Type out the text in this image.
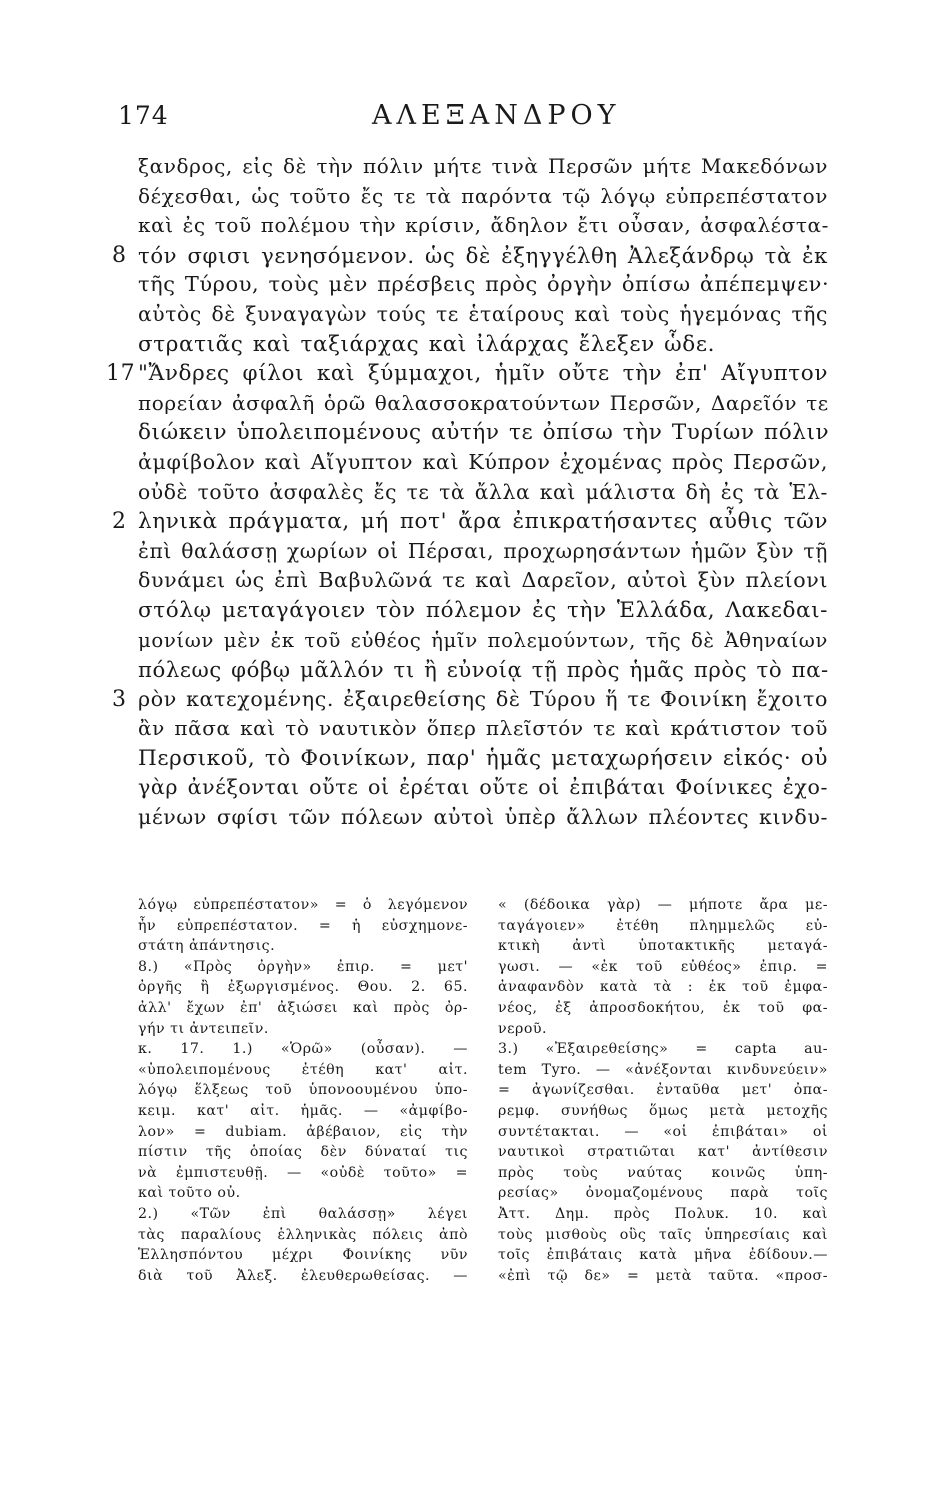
174	ΑΛΕΞΑΝΔΡΟΥ
ξανδρος, εἰς δὲ τὴν πόλιν μήτε τινὰ Περσῶν μήτε Μακεδόνων
δέχεσθαι, ὡς τοῦτο ἔς τε τὰ παρόντα τῷ λόγῳ εὐπρεπέστατον
καὶ ἐς τοῦ πολέμου τὴν κρίσιν, ἄδηλον ἔτι οὖσαν, ἀσφαλέστα-
8 τόν σφισι γενησόμενον. ὡς δὲ ἐξηγγέλθη Ἀλεξάνδρῳ τὰ ἐκ
τῆς Τύρου, τοὺς μὲν πρέσβεις πρὸς ὀργὴν ὀπίσω ἀπέπεμψεν·
αὐτὸς δὲ ξυναγαγὼν τούς τε ἑταίρους καὶ τοὺς ἡγεμόνας τῆς
στρατιᾶς καὶ ταξιάρχας καὶ ἰλάρχας ἔλεξεν ὧδε.
17 "Ἄνδρες φίλοι καὶ ξύμμαχοι, ἡμῖν οὔτε τὴν ἐπ' Αἴγυπτον
πορείαν ἀσφαλῆ ὁρῶ θαλασσοκρατούντων Περσῶν, Δαρεῖόν τε
διώκειν ὑπολειπομένους αὐτήν τε ὀπίσω τὴν Τυρίων πόλιν
ἀμφίβολον καὶ Αἴγυπτον καὶ Κύπρον ἐχομένας πρὸς Περσῶν,
οὐδὲ τοῦτο ἀσφαλὲς ἔς τε τὰ ἄλλα καὶ μάλιστα δὴ ἐς τὰ Ἑλ-
2 ληνικὰ πράγματα, μή ποτ' ἄρα ἐπικρατήσαντες αὖθις τῶν
ἐπὶ θαλάσσῃ χωρίων οἱ Πέρσαι, προχωρησάντων ἡμῶν ξὺν τῇ
δυνάμει ὡς ἐπὶ Βαβυλῶνά τε καὶ Δαρεῖον, αὐτοὶ ξὺν πλείονι
στόλῳ μεταγάγοιεν τὸν πόλεμον ἐς τὴν Ἑλλάδα, Λακεδαι-
μονίων μὲν ἐκ τοῦ εὐθέος ἡμῖν πολεμούντων, τῆς δὲ Ἀθηναίων
πόλεως φόβῳ μᾶλλόν τι ἢ εὐνοίᾳ τῇ πρὸς ἡμᾶς πρὸς τὸ πα-
3 ρὸν κατεχομένης. ἐξαιρεθείσης δὲ Τύρου ἥ τε Φοινίκη ἔχοιτο
ἂν πᾶσα καὶ τὸ ναυτικὸν ὅπερ πλεῖστόν τε καὶ κράτιστον τοῦ
Περσικοῦ, τὸ Φοινίκων, παρ' ἡμᾶς μεταχωρήσειν εἰκός· οὐ
γὰρ ἀνέξονται οὔτε οἱ ἐρέται οὔτε οἱ ἐπιβάται Φοίνικες ἐχο-
μένων σφίσι τῶν πόλεων αὐτοὶ ὑπὲρ ἄλλων πλέοντες κινδυ-
λόγῳ εὐπρεπέστατον» = ὁ λεγόμενον
ἦν εὐπρεπέστατον. = ἡ εὐσχημονε-
στάτη ἀπάντησις.
8.) «Πρὸς ὀργὴν» ἐπιρ. = μετ'
ὀργῆς ἢ ἐξωργισμένος. Θου. 2. 65.
ἀλλ' ἔχων ἐπ' ἀξιώσει καὶ πρὸς ὀρ-
γήν τι ἀντειπεῖν.
κ. 17. 1.) «Ὁρῶ» (οὖσαν). —
«ὑπολειπομένους ἐτέθη κατ' αἰτ.
λόγῳ ἕλξεως τοῦ ὑπονοουμένου ὑπο-
κειμ. κατ' αἰτ. ἡμᾶς. — «ἀμφίβο-
λον» = dubiam. ἀβέβαιον, εἰς τὴν
πίστιν τῆς ὁποίας δὲν δύναταί τις
νὰ ἐμπιστευθῇ. — «οὐδὲ τοῦτο» =
καὶ τοῦτο οὐ.
2.) «Τῶν ἐπὶ θαλάσσῃ» λέγει
τὰς παραλίους ἑλληνικὰς πόλεις ἀπὸ
Ἑλλησπόντου μέχρι Φοινίκης νῦν
διὰ τοῦ Ἀλεξ. ἐλευθερωθείσας. —
« (δέδοικα γὰρ) — μήποτε ἄρα με-
ταγάγοιεν» ἐτέθη πλημμελῶς εὐ-
κτικὴ ἀντὶ ὑποτακτικῆς μεταγά-
γωσι. — «ἐκ τοῦ εὐθέος» ἐπιρ. =
ἀναφανδὸν κατὰ τὰ : ἐκ τοῦ ἐμφα-
νέος, ἐξ ἀπροσδοκήτου, ἐκ τοῦ φα-
νεροῦ.
3.) «Ἐξαιρεθείσης» = capta au-
tem Tyro. — «ἀνέξονται κινδυνεύειν»
= ἀγωνίζεσθαι. ἐνταῦθα μετ' ὀπα-
ρεμφ. συνήθως ὅμως μετὰ μετοχῆς
συντέτακται. — «οἱ ἐπιβάται» οἱ
ναυτικοὶ στρατιῶται κατ' ἀντίθεσιν
πρὸς τοὺς ναύτας κοινῶς ὑπη-
ρεσίας» ὀνομαζομένους παρὰ τοῖς
Ἀττ. Δημ. πρὸς Πολυκ. 10. καὶ
τοὺς μισθοὺς οὓς ταῖς ὑπηρεσίαις καὶ
τοῖς ἐπιβάταις κατὰ μῆνα ἐδίδουν.—
«ἐπὶ τῷ δε» = μετὰ ταῦτα. «προσ-
